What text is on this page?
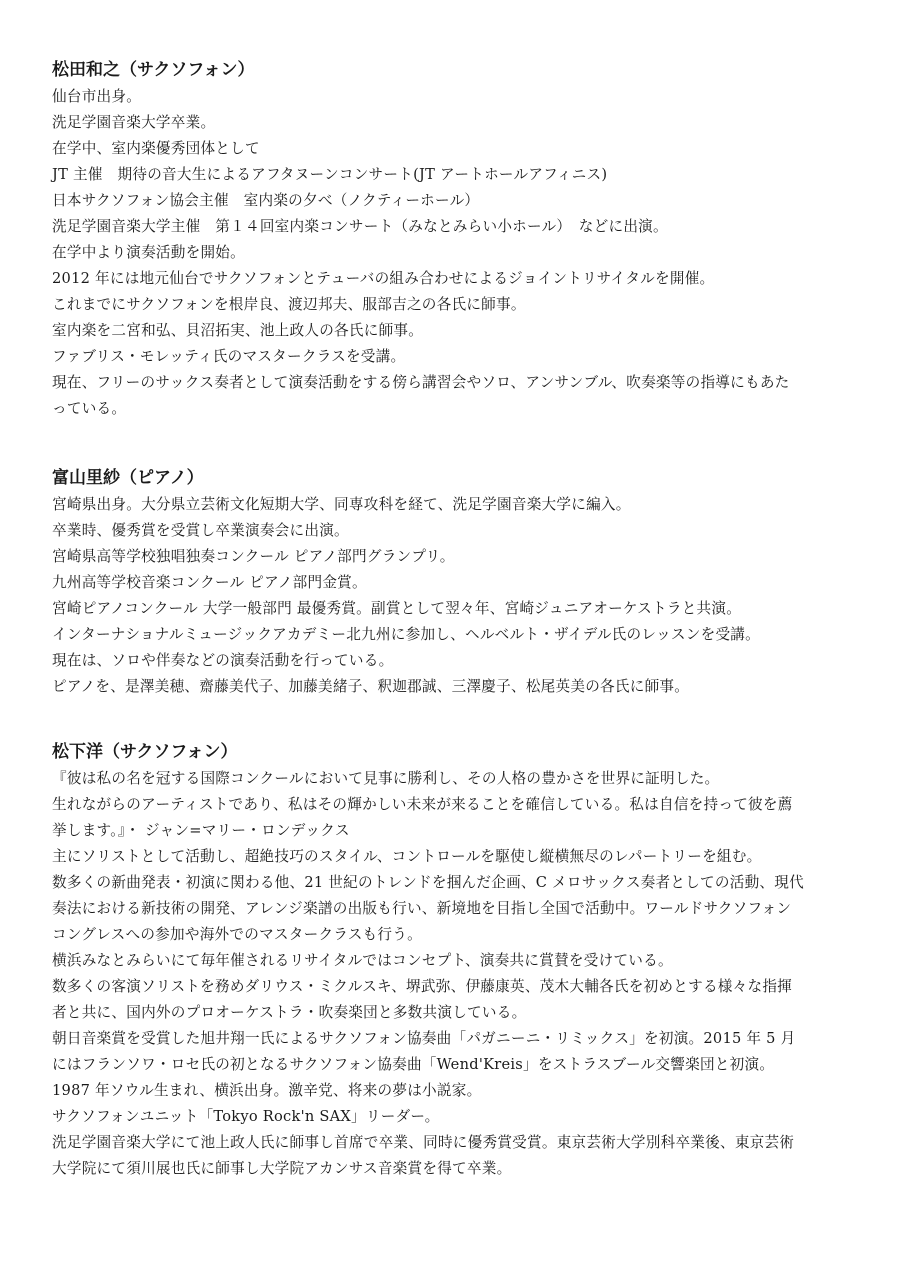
松田和之（サクソフォン）
仙台市出身。
洗足学園音楽大学卒業。
在学中、室内楽優秀団体として
JT 主催　期待の音大生によるアフタヌーンコンサート(JT アートホールアフィニス)
日本サクソフォン協会主催　室内楽の夕べ（ノクティーホール）
洗足学園音楽大学主催　第１４回室内楽コンサート（みなとみらい小ホール）　などに出演。
在学中より演奏活動を開始。
2012 年には地元仙台でサクソフォンとテューバの組み合わせによるジョイントリサイタルを開催。
これまでにサクソフォンを根岸良、渡辺邦夫、服部吉之の各氏に師事。
室内楽を二宮和弘、貝沼拓実、池上政人の各氏に師事。
ファブリス・モレッティ氏のマスタークラスを受講。
現在、フリーのサックス奏者として演奏活動をする傍ら講習会やソロ、アンサンブル、吹奏楽等の指導にもあた
っている。
富山里紗（ピアノ）
宮崎県出身。大分県立芸術文化短期大学、同専攻科を経て、洗足学園音楽大学に編入。
卒業時、優秀賞を受賞し卒業演奏会に出演。
宮崎県高等学校独唱独奏コンクール ピアノ部門グランプリ。
九州高等学校音楽コンクール ピアノ部門金賞。
宮崎ピアノコンクール 大学一般部門 最優秀賞。副賞として翌々年、宮崎ジュニアオーケストラと共演。
インターナショナルミュージックアカデミー北九州に参加し、ヘルベルト・ザイデル氏のレッスンを受講。
現在は、ソロや伴奏などの演奏活動を行っている。
ピアノを、是澤美穂、齋藤美代子、加藤美緒子、釈迦郡誠、三澤慶子、松尾英美の各氏に師事。
松下洋（サクソフォン）
『彼は私の名を冠する国際コンクールにおいて見事に勝利し、その人格の豊かさを世界に証明した。
生れながらのアーティストであり、私はその輝かしい未来が来ることを確信している。私は自信を持って彼を薦
挙します。』・ ジャン=マリー・ロンデックス
主にソリストとして活動し、超絶技巧のスタイル、コントロールを駆使し縦横無尽のレパートリーを組む。
数多くの新曲発表・初演に関わる他、21 世紀のトレンドを掴んだ企画、C メロサックス奏者としての活動、現代
奏法における新技術の開発、アレンジ楽譜の出版も行い、新境地を目指し全国で活動中。ワールドサクソフォン
コングレスへの参加や海外でのマスタークラスも行う。
横浜みなとみらいにて毎年催されるリサイタルではコンセプト、演奏共に賞賛を受けている。
数多くの客演ソリストを務めダリウス・ミクルスキ、堺武弥、伊藤康英、茂木大輔各氏を初めとする様々な指揮
者と共に、国内外のプロオーケストラ・吹奏楽団と多数共演している。
朝日音楽賞を受賞した旭井翔一氏によるサクソフォン協奏曲「パガニーニ・リミックス」を初演。2015 年 5 月
にはフランソワ・ロセ氏の初となるサクソフォン協奏曲「Wend'Kreis」をストラスブール交響楽団と初演。
1987 年ソウル生まれ、横浜出身。激辛党、将来の夢は小説家。
サクソフォンユニット「Tokyo Rock'n SAX」リーダー。
洗足学園音楽大学にて池上政人氏に師事し首席で卒業、同時に優秀賞受賞。東京芸術大学別科卒業後、東京芸術
大学院にて須川展也氏に師事し大学院アカンサス音楽賞を得て卒業。
